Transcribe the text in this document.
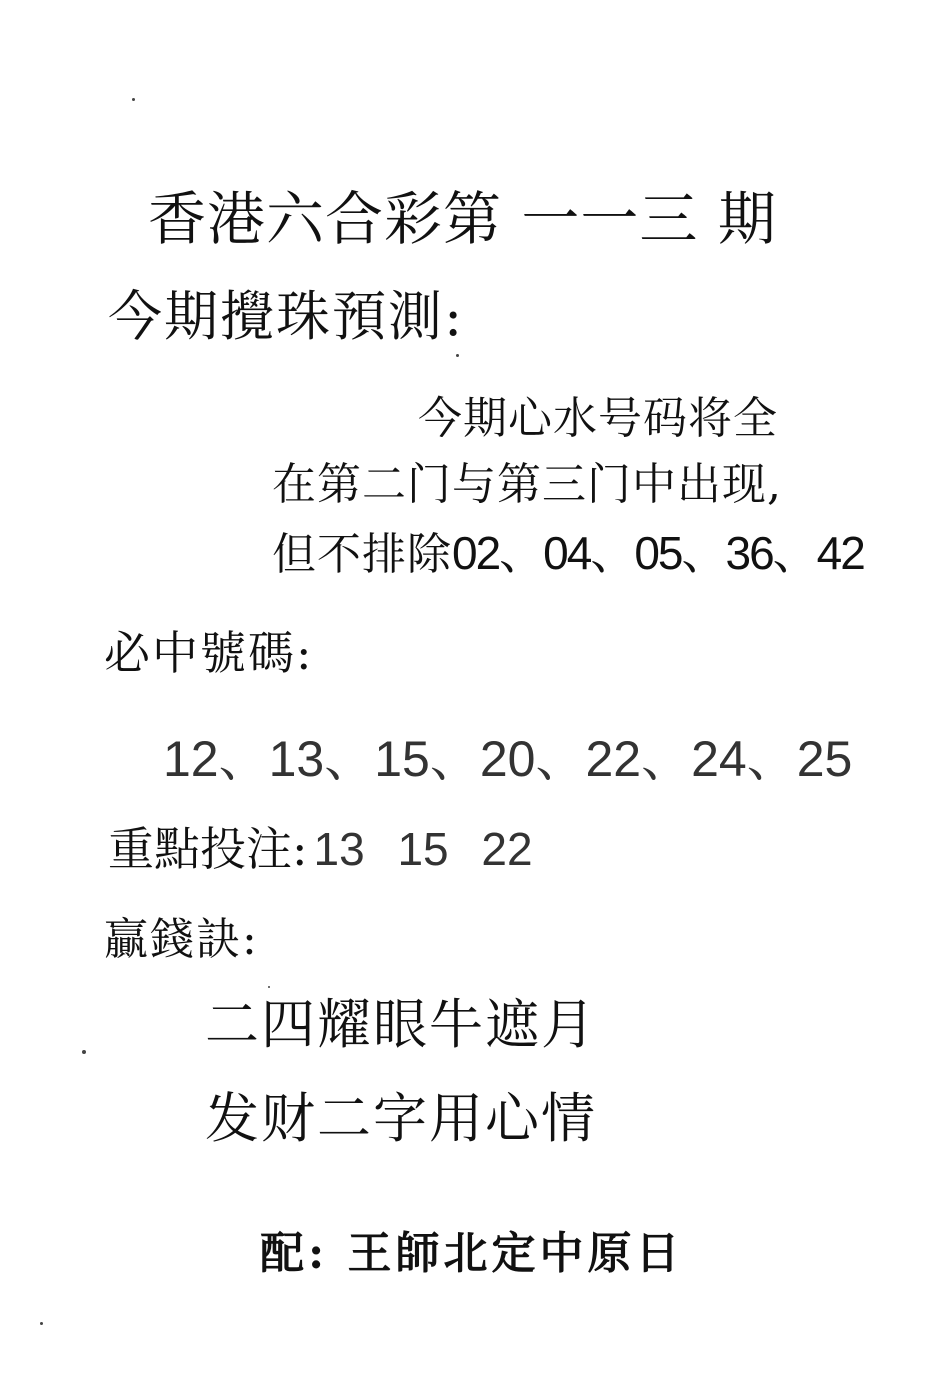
香港六合彩第 一一三 期
今期攪珠預測:
今期心水号码将全
在第二门与第三门中出现,
但不排除02、04、05、36、42
必中號碼:
12、13、15、20、22、24、25
重點投注: 13 15 22
贏錢訣:
二四耀眼牛遮月
发财二字用心情
配: 王師北定中原日
